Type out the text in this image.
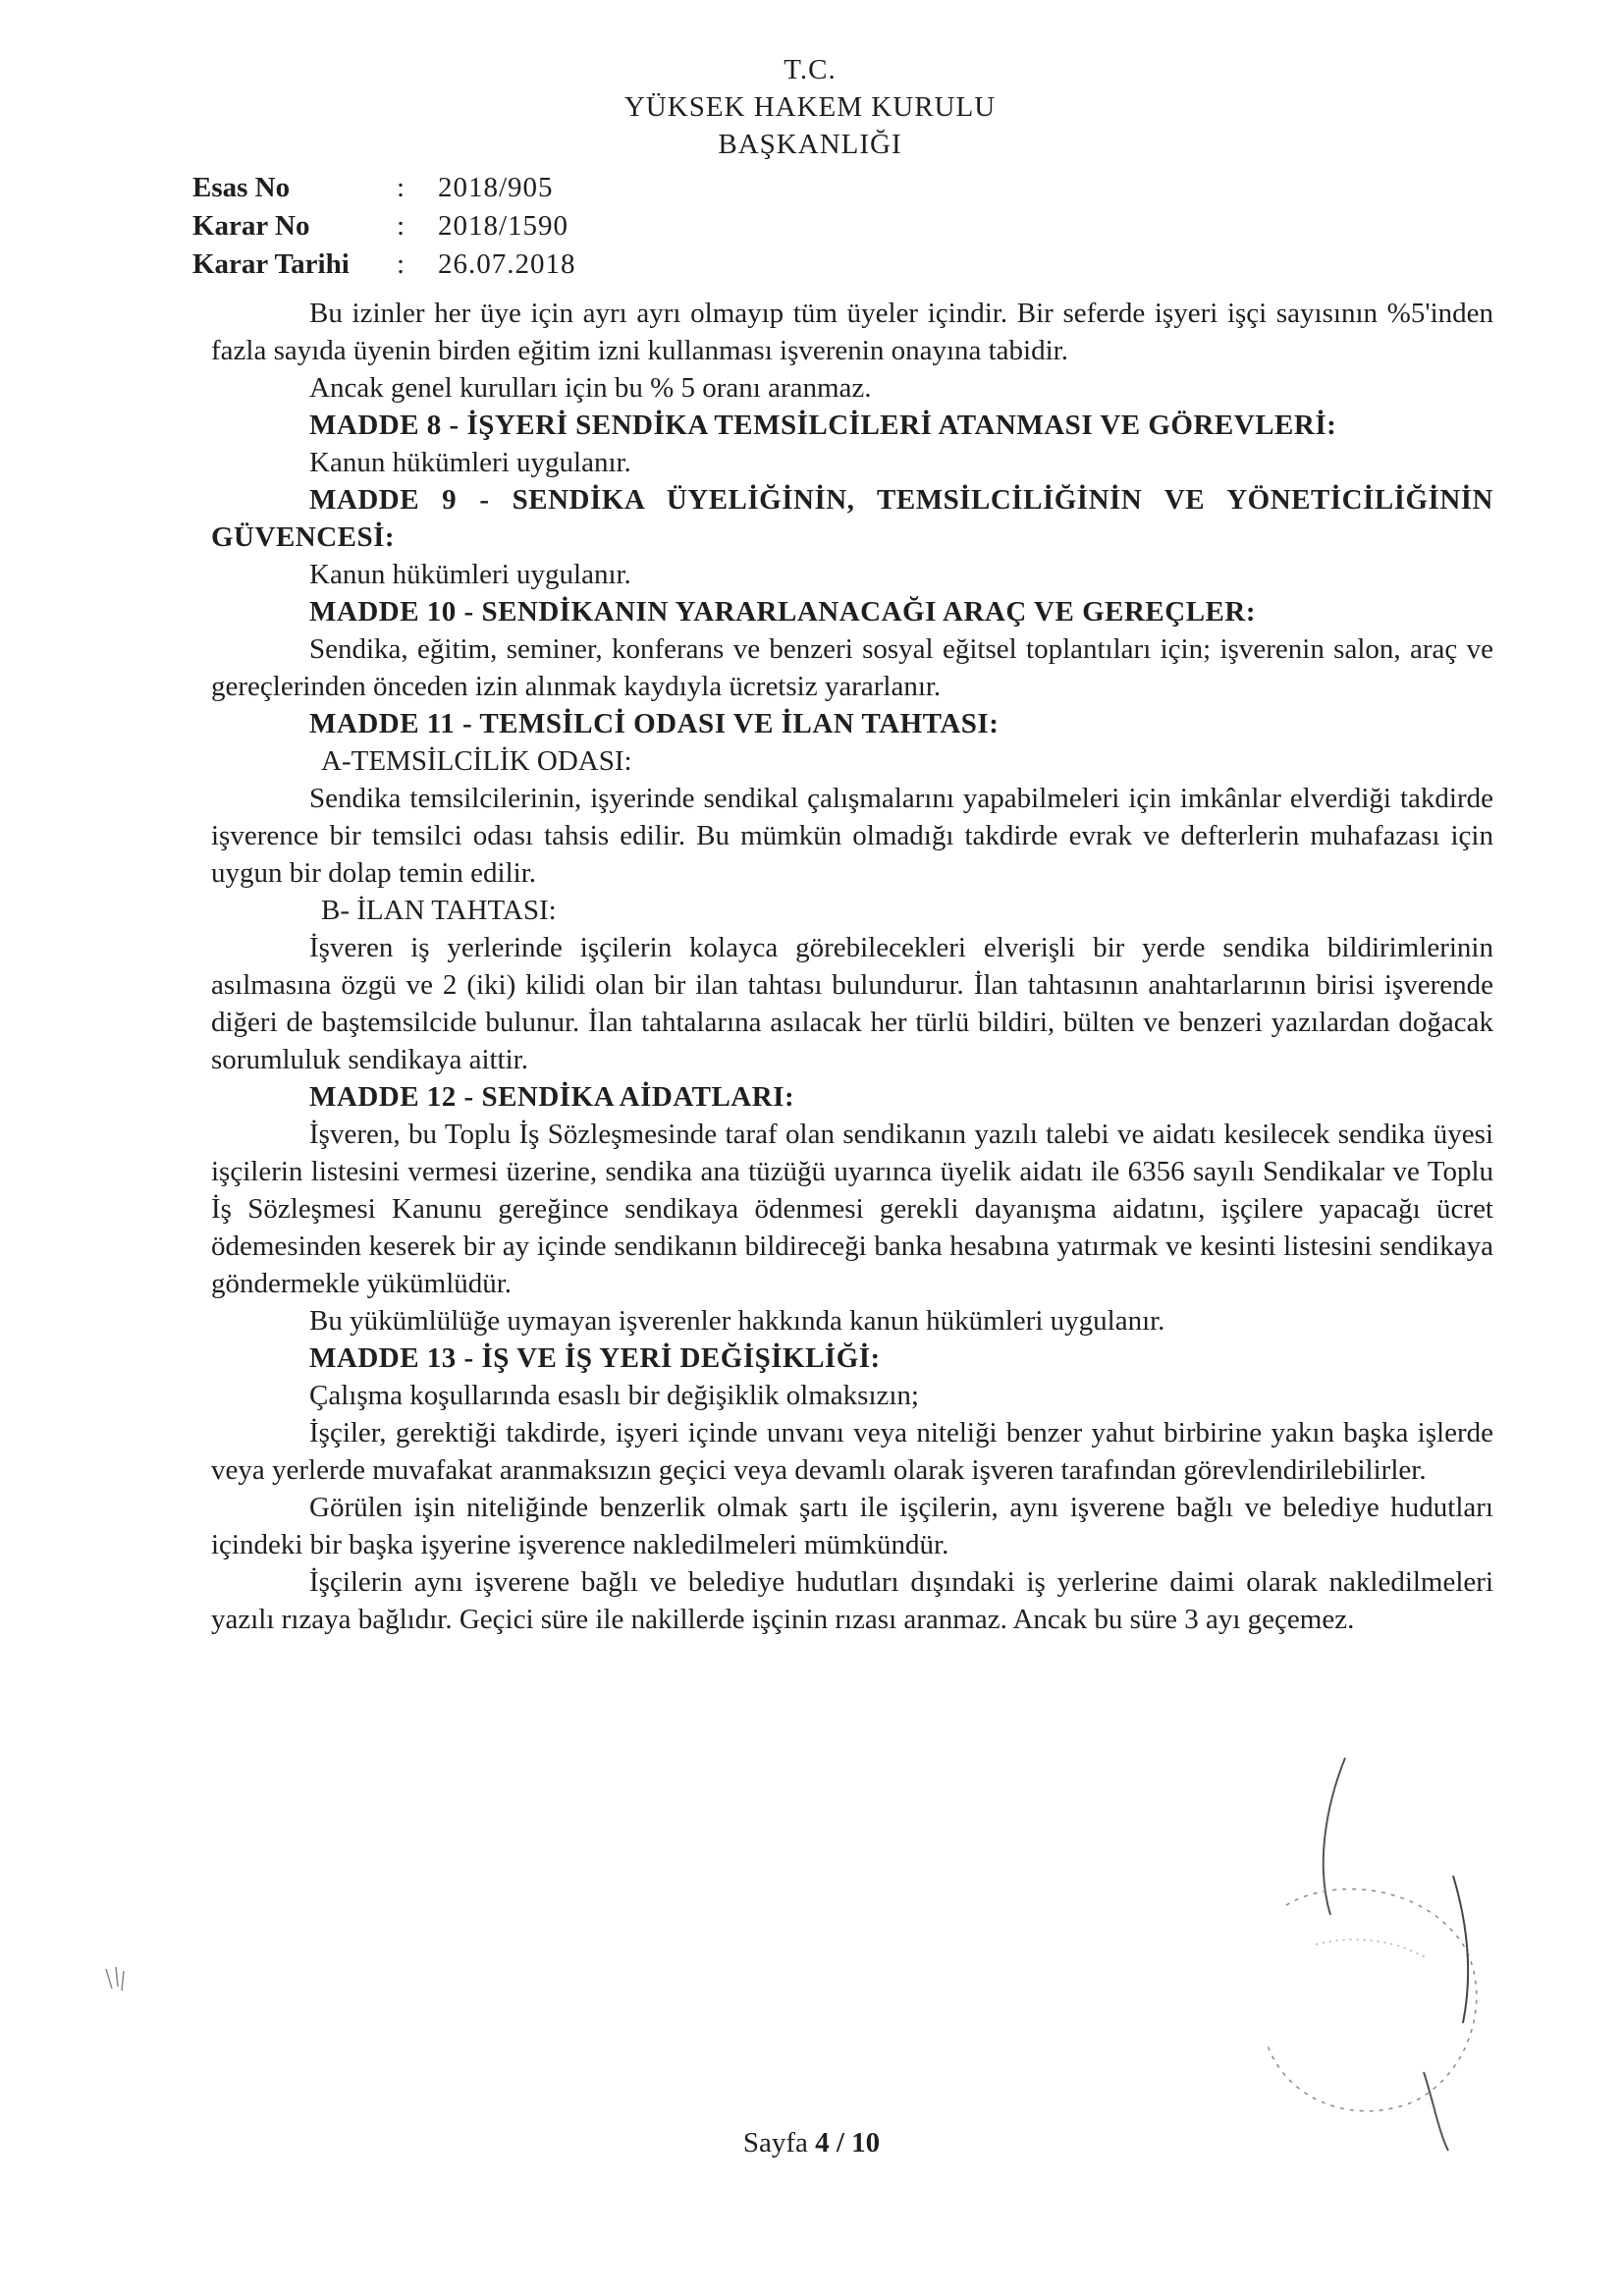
T.C.
YÜKSEK HAKEM KURULU
BAŞKANLIĞI
Esas No	:	2018/905
Karar No	:	2018/1590
Karar Tarihi	:	26.07.2018

Bu izinler her üye için ayrı ayrı olmayıp tüm üyeler içindir. Bir seferde işyeri işçi sayısının %5'inden fazla sayıda üyenin birden eğitim izni kullanması işverenin onayına tabidir.

Ancak genel kurulları için bu % 5 oranı aranmaz.

MADDE 8 - İŞYERİ SENDİKA TEMSİLCİLERİ ATANMASI VE GÖREVLERİ:

Kanun hükümleri uygulanır.

MADDE 9 - SENDİKA ÜYELİĞİNİN, TEMSİLCİLİĞİNİN VE YÖNETİCİLİĞİNİN GÜVENCESİ:

Kanun hükümleri uygulanır.

MADDE 10 - SENDİKANIN YARARLANACAĞI ARAÇ VE GEREÇLER:

Sendika, eğitim, seminer, konferans ve benzeri sosyal eğitsel toplantıları için; işverenin salon, araç ve gereçlerinden önceden izin alınmak kaydıyla ücretsiz yararlanır.

MADDE 11 - TEMSİLCİ ODASI VE İLAN TAHTASI:

A-TEMSİLCİLİK ODASI:

Sendika temsilcilerinin, işyerinde sendikal çalışmalarını yapabilmeleri için imkânlar elverdiği takdirde işverence bir temsilci odası tahsis edilir. Bu mümkün olmadığı takdirde evrak ve defterlerin muhafazası için uygun bir dolap temin edilir.

B- İLAN TAHTASI:

İşveren iş yerlerinde işçilerin kolayca görebilecekleri elverişli bir yerde sendika bildirimlerinin asılmasına özgü ve 2 (iki) kilidi olan bir ilan tahtası bulundurur. İlan tahtasının anahtarlarının birisi işverende diğeri de baştemsilcide bulunur. İlan tahtalarına asılacak her türlü bildiri, bülten ve benzeri yazılardan doğacak sorumluluk sendikaya aittir.

MADDE 12 - SENDİKA AİDATLARI:

İşveren, bu Toplu İş Sözleşmesinde taraf olan sendikanın yazılı talebi ve aidatı kesilecek sendika üyesi işçilerin listesini vermesi üzerine, sendika ana tüzüğü uyarınca üyelik aidatı ile 6356 sayılı Sendikalar ve Toplu İş Sözleşmesi Kanunu gereğince sendikaya ödenmesi gerekli dayanışma aidatını, işçilere yapacağı ücret ödemesinden keserek bir ay içinde sendikanın bildireceği banka hesabına yatırmak ve kesinti listesini sendikaya göndermekle yükümlüdür.

Bu yükümlülüğe uymayan işverenler hakkında kanun hükümleri uygulanır.

MADDE 13 - İŞ VE İŞ YERİ DEĞİŞİKLİĞİ:

Çalışma koşullarında esaslı bir değişiklik olmaksızın;

İşçiler, gerektiği takdirde, işyeri içinde unvanı veya niteliği benzer yahut birbirine yakın başka işlerde veya yerlerde muvafakat aranmaksızın geçici veya devamlı olarak işveren tarafından görevlendirilebilirler.

Görülen işin niteliğinde benzerlik olmak şartı ile işçilerin, aynı işverene bağlı ve belediye hudutları içindeki bir başka işyerine işverence nakledilmeleri mümkündür.

İşçilerin aynı işverene bağlı ve belediye hudutları dışındaki iş yerlerine daimi olarak nakledilmeleri yazılı rızaya bağlıdır. Geçici süre ile nakillerde işçinin rızası aranmaz. Ancak bu süre 3 ayı geçemez.

Sayfa 4 / 10
